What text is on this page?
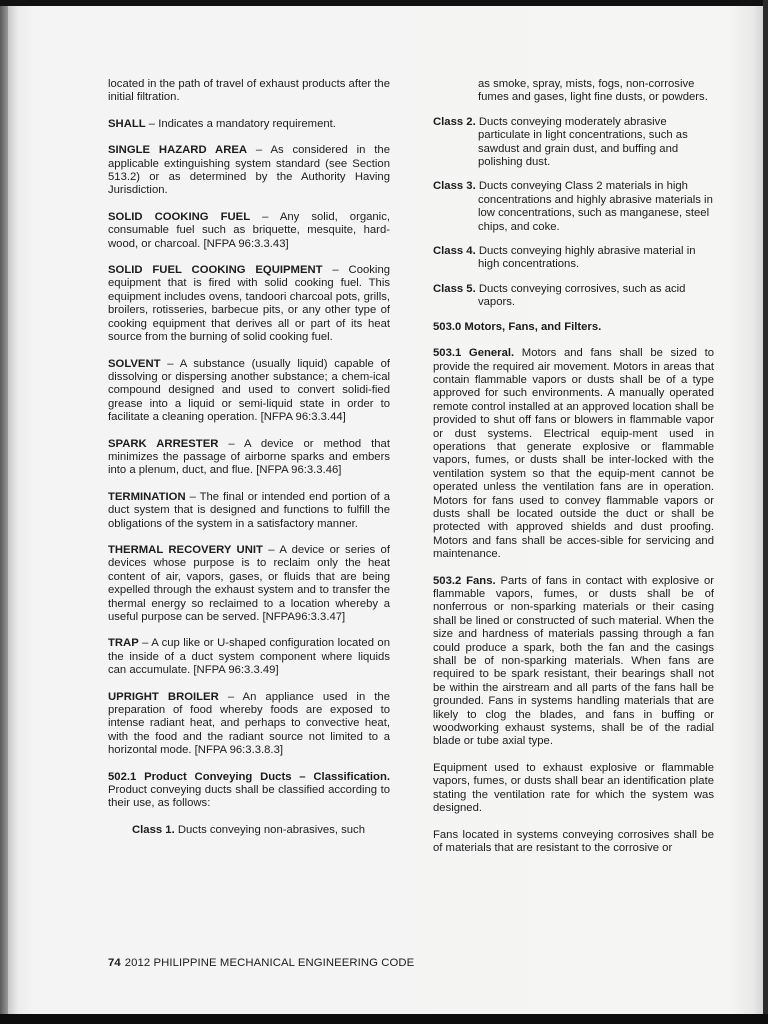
located in the path of travel of exhaust products after the initial filtration.

SHALL – Indicates a mandatory requirement.

SINGLE HAZARD AREA – As considered in the applicable extinguishing system standard (see Section 513.2) or as determined by the Authority Having Jurisdiction.

SOLID COOKING FUEL – Any solid, organic, consumable fuel such as briquette, mesquite, hard-wood, or charcoal. [NFPA 96:3.3.43]

SOLID FUEL COOKING EQUIPMENT – Cooking equipment that is fired with solid cooking fuel. This equipment includes ovens, tandoori charcoal pots, grills, broilers, rotisseries, barbecue pits, or any other type of cooking equipment that derives all or part of its heat source from the burning of solid cooking fuel.

SOLVENT – A substance (usually liquid) capable of dissolving or dispersing another substance; a chem-ical compound designed and used to convert solidi-fied grease into a liquid or semi-liquid state in order to facilitate a cleaning operation. [NFPA 96:3.3.44]

SPARK ARRESTER – A device or method that minimizes the passage of airborne sparks and embers into a plenum, duct, and flue. [NFPA 96:3.3.46]

TERMINATION – The final or intended end portion of a duct system that is designed and functions to fulfill the obligations of the system in a satisfactory manner.

THERMAL RECOVERY UNIT – A device or series of devices whose purpose is to reclaim only the heat content of air, vapors, gases, or fluids that are being expelled through the exhaust system and to transfer the thermal energy so reclaimed to a location whereby a useful purpose can be served. [NFPA96:3.3.47]

TRAP – A cup like or U-shaped configuration located on the inside of a duct system component where liquids can accumulate. [NFPA 96:3.3.49]

UPRIGHT BROILER – An appliance used in the preparation of food whereby foods are exposed to intense radiant heat, and perhaps to convective heat, with the food and the radiant source not limited to a horizontal mode. [NFPA 96:3.3.8.3]

502.1 Product Conveying Ducts – Classification. Product conveying ducts shall be classified according to their use, as follows:

Class 1. Ducts conveying non-abrasives, such

as smoke, spray, mists, fogs, non-corrosive fumes and gases, light fine dusts, or powders.

Class 2. Ducts conveying moderately abrasive particulate in light concentrations, such as sawdust and grain dust, and buffing and polishing dust.

Class 3. Ducts conveying Class 2 materials in high concentrations and highly abrasive materials in low concentrations, such as manganese, steel chips, and coke.

Class 4. Ducts conveying highly abrasive material in high concentrations.

Class 5. Ducts conveying corrosives, such as acid vapors.

503.0 Motors, Fans, and Filters.

503.1 General. Motors and fans shall be sized to provide the required air movement. Motors in areas that contain flammable vapors or dusts shall be of a type approved for such environments. A manually operated remote control installed at an approved location shall be provided to shut off fans or blowers in flammable vapor or dust systems. Electrical equip-ment used in operations that generate explosive or flammable vapors, fumes, or dusts shall be inter-locked with the ventilation system so that the equip-ment cannot be operated unless the ventilation fans are in operation. Motors for fans used to convey flammable vapors or dusts shall be located outside the duct or shall be protected with approved shields and dust proofing. Motors and fans shall be acces-sible for servicing and maintenance.

503.2 Fans. Parts of fans in contact with explosive or flammable vapors, fumes, or dusts shall be of nonferrous or non-sparking materials or their casing shall be lined or constructed of such material. When the size and hardness of materials passing through a fan could produce a spark, both the fan and the casings shall be of non-sparking materials. When fans are required to be spark resistant, their bearings shall not be within the airstream and all parts of the fans hall be grounded. Fans in systems handling materials that are likely to clog the blades, and fans in buffing or woodworking exhaust systems, shall be of the radial blade or tube axial type.

Equipment used to exhaust explosive or flammable vapors, fumes, or dusts shall bear an identification plate stating the ventilation rate for which the system was designed.

Fans located in systems conveying corrosives shall be of materials that are resistant to the corrosive or

74 2012 PHILIPPINE MECHANICAL ENGINEERING CODE
